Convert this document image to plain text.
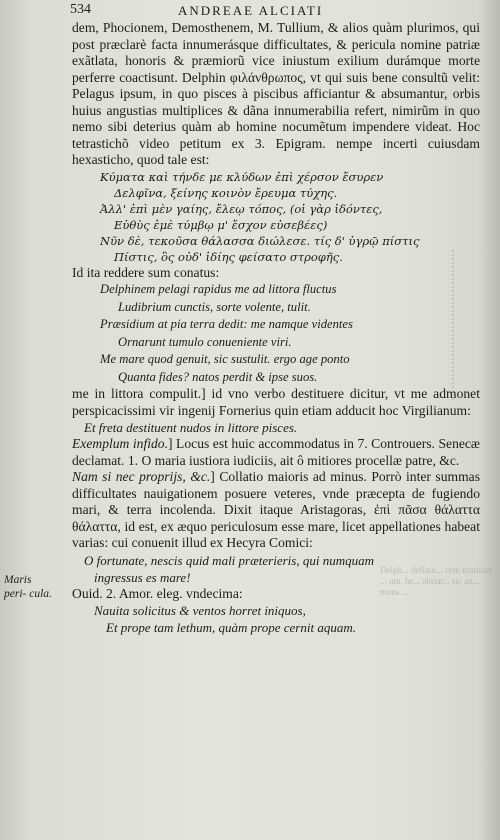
Delph... deflaui... cem maritum ... um, he... abriar... sic an... mons ...
534	ANDREAE ALCIATI
Maris peri- cula.

dem, Phocionem, Demosthenem, M. Tullium, & alios quàm plurimos, qui post præclarè facta innumerásque difficultates, & pericula nomine patriæ exãtlata, honoris & præmiorũ vice iniustum exilium durámque morte perferre coactisunt. Delphin φιλάνθρωπος, vt qui suis bene consultũ velit: Pelagus ipsum, in quo pisces à piscibus afficiantur & absumantur, orbis huius angustias multiplices & dãna innumerabilia refert, nimirũm in quo nemo sibi deterius quàm ab homine nocumẽtum impendere videat. Hoc tetrastichõ video petitum ex 3. Epigram. nempe incerti cuiusdam hexasticho, quod tale est:

Κύματα καὶ τήνδε με κλύδων ἐπὶ χέρσον ἔσυρεν
Δελφῖνα, ξείνης κοινὸν ἔρευμα τύχης.
Ἀλλ' ἐπὶ μὲν γαίης, ἔλεῳ τόπος, (οἱ γὰρ ἰδόντες,
Εὐθὺς ἐμὲ τύμβῳ μ' ἔσχον εὐσεβέες)
Νῦν δὲ, τεκοῦσα θάλασσα διώλεσε. τίς δ' ὑγρῷ πίστις
Πίστις, ὃς οὐδ' ἰδίης φείσατο στροφῆς.

Id ita reddere sum conatus:

Delphinem pelagi rapidus me ad littora fluctus
Ludibrium cunctis, sorte volente, tulit.
Præsidium at pia terra dedit: me namque videntes
Ornarunt tumulo conueniente viri.
Me mare quod genuit, sic sustulit. ergo age ponto
Quanta fides? natos perdit & ipse suos.

me in littora compulit.] id vno verbo destituere dicitur, vt me admonet perspicacissimi vir ingenij Fornerius quin etiam adducit hoc Virgilianum:

Et freta destituent nudos in littore pisces.

Exemplum infido.] Locus est huic accommodatus in 7. Controuers. Senecæ declamat. 1. O maria iustiora iudiciis, ait ô mitiores procellæ patre, &c.

Nam si nec proprijs, &c.] Collatio maioris ad minus. Porrò inter summas difficultates nauigationem posuere veteres, vnde præcepta de fugiendo mari, & terra incolenda. Dixit itaque Aristagoras, ἐπὶ πᾶσα θάλαττα θάλαττα, id est, ex æquo periculosum esse mare, licet appellationes habeat varias: cui conuenit illud ex Hecyra Comici:

O fortunate, nescis quid mali præterieris, qui numquam
ingressus es mare!

Ouid. 2. Amor. eleg. vndecima:

Nauita solicitus & ventos horret iniquos,
Et prope tam lethum, quàm prope cernit aquam.
